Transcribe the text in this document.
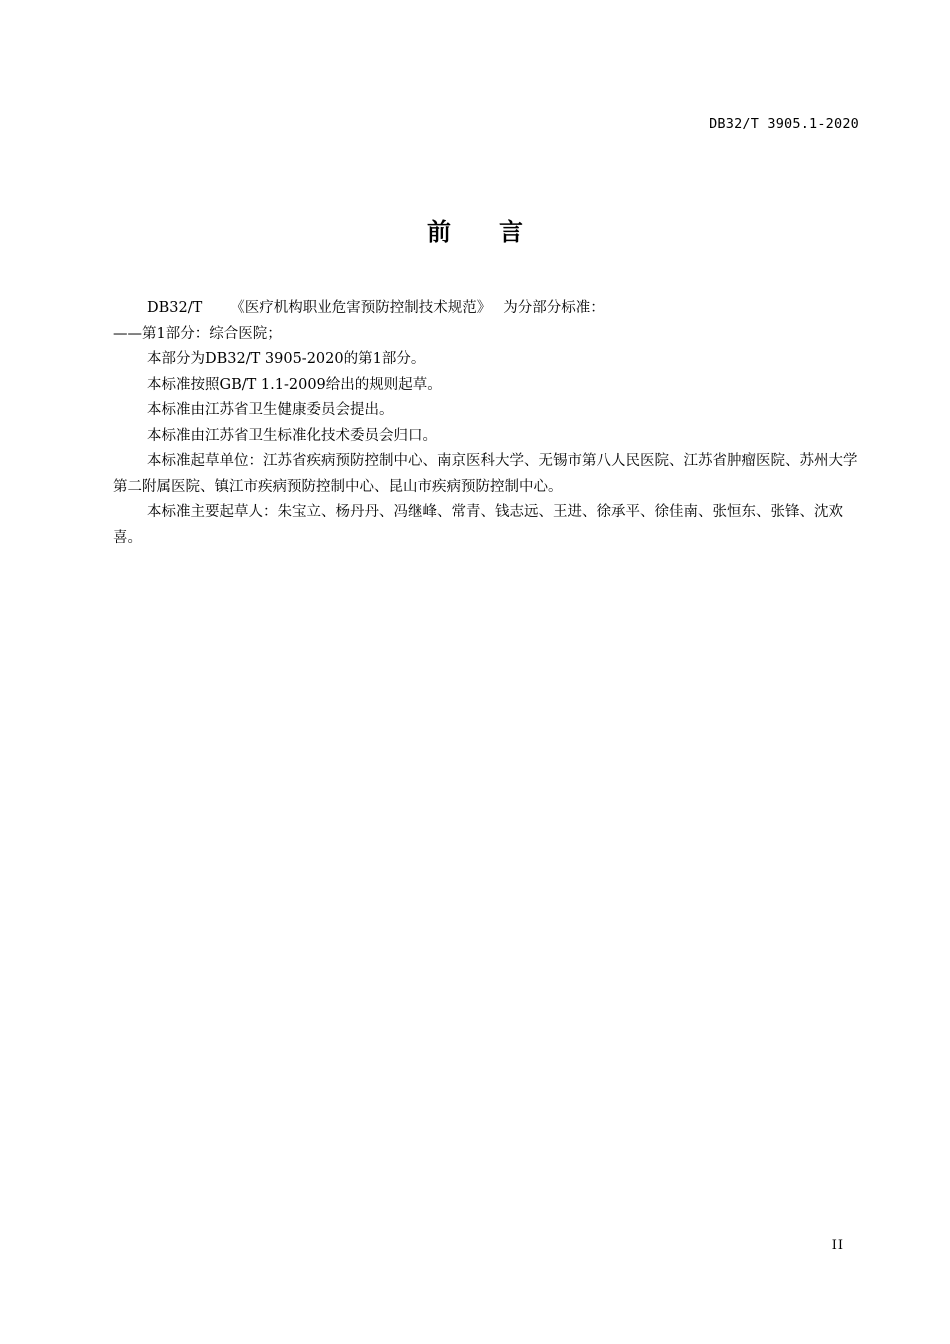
DB32/T 3905.1-2020
前言

DB32/T 《医疗机构职业危害预防控制技术规范》 为分部分标准：

——第1部分：综合医院；

本部分为DB32/T 3905-2020的第1部分。

本标准按照GB/T 1.1-2009给出的规则起草。

本标准由江苏省卫生健康委员会提出。

本标准由江苏省卫生标准化技术委员会归口。

本标准起草单位：江苏省疾病预防控制中心、南京医科大学、无锡市第八人民医院、江苏省肿瘤医院、苏州大学第二附属医院、镇江市疾病预防控制中心、昆山市疾病预防控制中心。

本标准主要起草人：朱宝立、杨丹丹、冯继峰、常青、钱志远、王进、徐承平、徐佳南、张恒东、张锋、沈欢喜。

II
